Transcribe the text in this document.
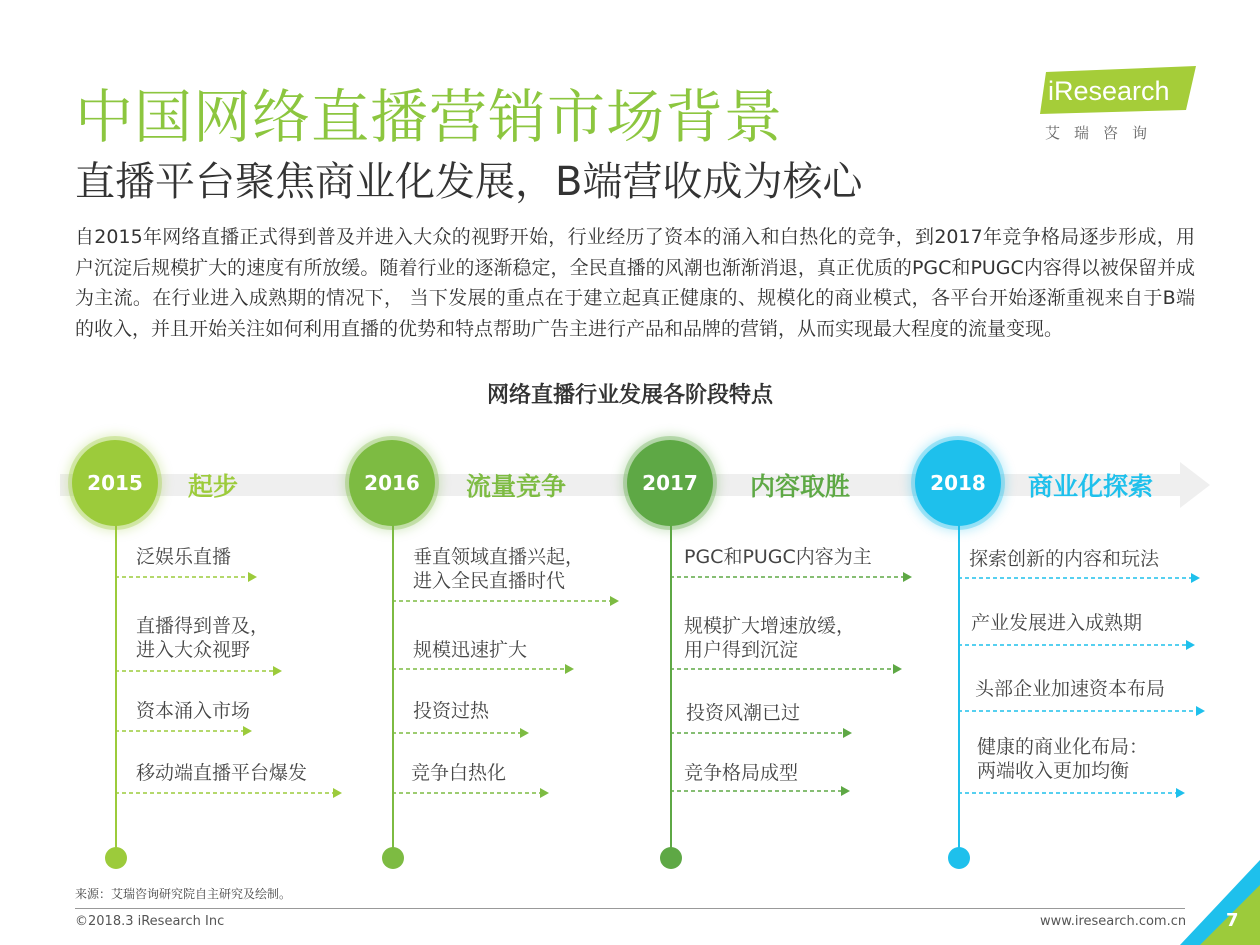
中国网络直播营销市场背景
直播平台聚焦商业化发展，B端营收成为核心
iResearch
艾瑞咨询
自2015年网络直播正式得到普及并进入大众的视野开始，行业经历了资本的涌入和白热化的竞争，到2017年竞争格局逐步形成，用户沉淀后规模扩大的速度有所放缓。随着行业的逐渐稳定，全民直播的风潮也渐渐消退，真正优质的PGC和PUGC内容得以被保留并成为主流。在行业进入成熟期的情况下， 当下发展的重点在于建立起真正健康的、规模化的商业模式，各平台开始逐渐重视来自于B端的收入，并且开始关注如何利用直播的优势和特点帮助广告主进行产品和品牌的营销，从而实现最大程度的流量变现。
网络直播行业发展各阶段特点
2015	起步
泛娱乐直播
直播得到普及，
进入大众视野
资本涌入市场
移动端直播平台爆发
2016	流量竞争
垂直领域直播兴起，
进入全民直播时代
规模迅速扩大
投资过热
竞争白热化
2017	内容取胜
PGC和PUGC内容为主
规模扩大增速放缓，
用户得到沉淀
投资风潮已过
竞争格局成型
2018	商业化探索
探索创新的内容和玩法
产业发展进入成熟期
头部企业加速资本布局
健康的商业化布局：
两端收入更加均衡
来源：艾瑞咨询研究院自主研究及绘制。
©2018.3 iResearch Inc	www.iresearch.com.cn 7
